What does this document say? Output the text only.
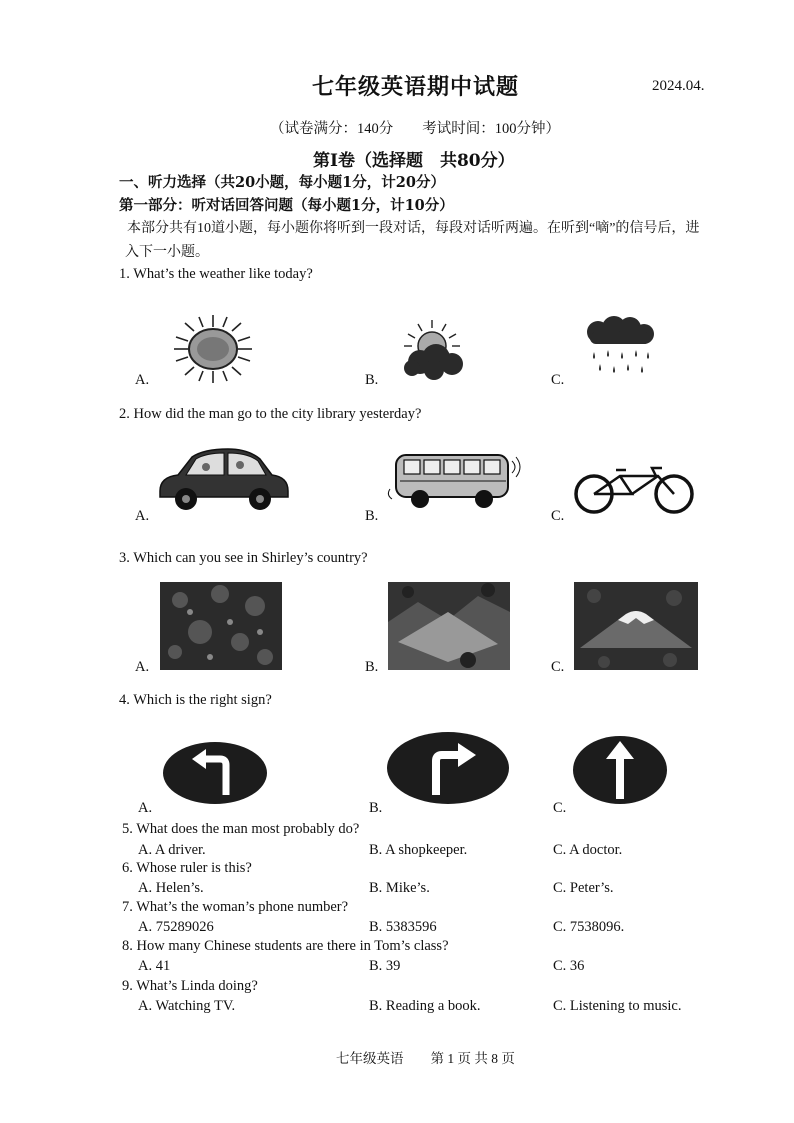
七年级英语期中试题	2024.04.
（试卷满分：140分　　考试时间：100分钟）
第Ⅰ卷（选择题　共80分）
一、听力选择（共20小题，每小题1分，计20分）
第一部分：听对话回答问题（每小题1分，计10分）
本部分共有10道小题，每小题你将听到一段对话，每段对话听两遍。在听到“嘀”的信号后，进入下一小题。
1. What’s the weather like today?
A.	B.	C.
2. How did the man go to the city library yesterday?
A.	B.	C.
3. Which can you see in Shirley’s country?
A.	B.	C.
4. Which is the right sign?
A.	B.	C.
5. What does the man most probably do?
A. A driver.	B. A shopkeeper.	C. A doctor.
6. Whose ruler is this?
A. Helen’s.	B. Mike’s.	C. Peter’s.
7. What’s the woman’s phone number?
A. 75289026	B. 5383596	C. 7538096.
8. How many Chinese students are there in Tom’s class?
A. 41	B. 39	C. 36
9. What’s Linda doing?
A. Watching TV.	B. Reading a book.	C. Listening to music.
七年级英语　　第 1 页 共 8 页
